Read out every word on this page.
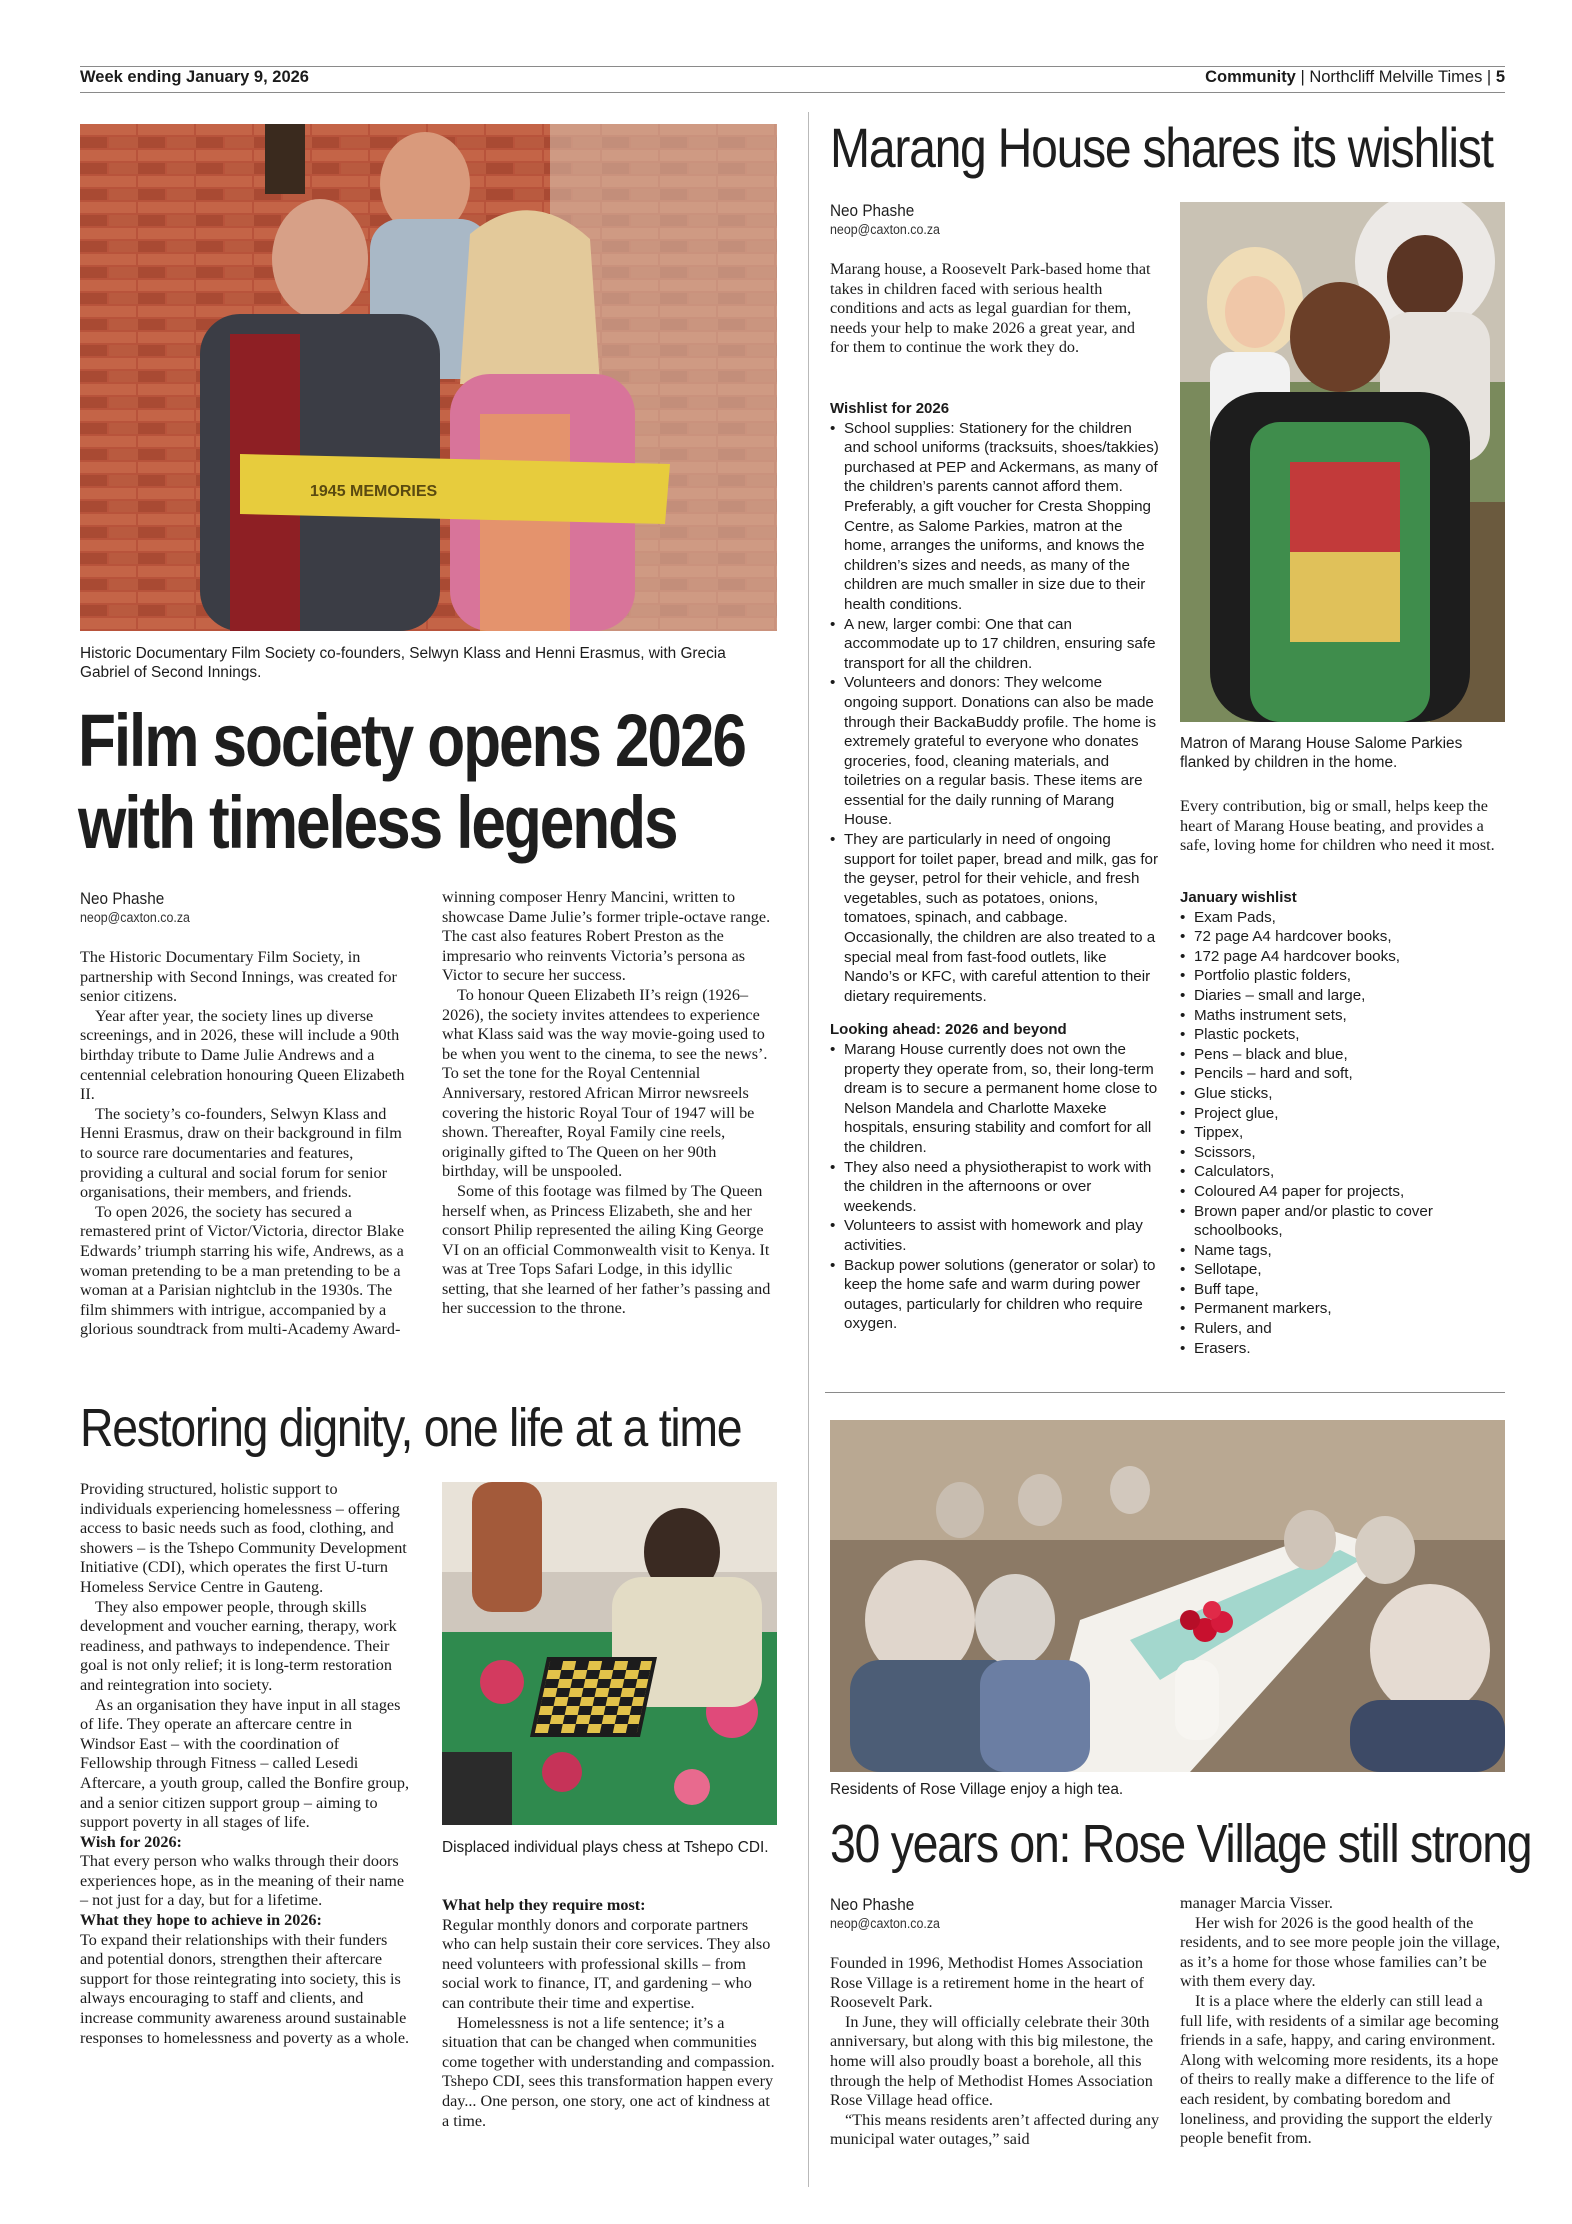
Week ending January 9, 2026	Community | Northcliff Melville Times | 5
1945 MEMORIES
Historic Documentary Film Society co-founders, Selwyn Klass and Henni Erasmus, with Grecia Gabriel of Second Innings.
Film society opens 2026
with timeless legends
Neo Phashe
neop@caxton.co.za

The Historic Documentary Film Society, in partnership with Second Innings, was created for senior citizens.

Year after year, the society lines up diverse screenings, and in 2026, these will include a 90th birthday tribute to Dame Julie Andrews and a centennial celebration honouring Queen Elizabeth II.

The society’s co-founders, Selwyn Klass and Henni Erasmus, draw on their background in film to source rare documentaries and features, providing a cultural and social forum for senior organisations, their members, and friends.

To open 2026, the society has secured a remastered print of Victor/Victoria, director Blake Edwards’ triumph starring his wife, Andrews, as a woman pretending to be a man pretending to be a woman at a Parisian nightclub in the 1930s. The film shimmers with intrigue, accompanied by a glorious soundtrack from multi-Academy Award-

winning composer Henry Mancini, written to showcase Dame Julie’s former triple-octave range. The cast also features Robert Preston as the impresario who reinvents Victoria’s persona as Victor to secure her success.

To honour Queen Elizabeth II’s reign (1926–2026), the society invites attendees to experience what Klass said was the way movie-going used to be when you went to the cinema, to see the news’. To set the tone for the Royal Centennial Anniversary, restored African Mirror newsreels covering the historic Royal Tour of 1947 will be shown. Thereafter, Royal Family cine reels, originally gifted to The Queen on her 90th birthday, will be unspooled.

Some of this footage was filmed by The Queen herself when, as Princess Elizabeth, she and her consort Philip represented the ailing King George VI on an official Commonwealth visit to Kenya. It was at Tree Tops Safari Lodge, in this idyllic setting, that she learned of her father’s passing and her succession to the throne.

Marang House shares its wishlist
Neo Phashe
neop@caxton.co.za
Marang house, a Roosevelt Park-based home that takes in children faced with serious health conditions and acts as legal guardian for them, needs your help to make 2026 a great year, and for them to continue the work they do.
Wishlist for 2026
• School supplies: Stationery for the children and school uniforms (tracksuits, shoes/takkies) purchased at PEP and Ackermans, as many of the children’s parents cannot afford them. Preferably, a gift voucher for Cresta Shopping Centre, as Salome Parkies, matron at the home, arranges the uniforms, and knows the children’s sizes and needs, as many of the children are much smaller in size due to their health conditions.
• A new, larger combi: One that can accommodate up to 17 children, ensuring safe transport for all the children.
• Volunteers and donors: They welcome ongoing support. Donations can also be made through their BackaBuddy profile. The home is extremely grateful to everyone who donates groceries, food, cleaning materials, and toiletries on a regular basis. These items are essential for the daily running of Marang House.
• They are particularly in need of ongoing support for toilet paper, bread and milk, gas for the geyser, petrol for their vehicle, and fresh vegetables, such as potatoes, onions, tomatoes, spinach, and cabbage. Occasionally, the children are also treated to a special meal from fast-food outlets, like Nando’s or KFC, with careful attention to their dietary requirements.
Looking ahead: 2026 and beyond
• Marang House currently does not own the property they operate from, so, their long-term dream is to secure a permanent home close to Nelson Mandela and Charlotte Maxeke hospitals, ensuring stability and comfort for all the children.
• They also need a physiotherapist to work with the children in the afternoons or over weekends.
• Volunteers to assist with homework and play activities.
• Backup power solutions (generator or solar) to keep the home safe and warm during power outages, particularly for children who require oxygen.
Matron of Marang House Salome Parkies flanked by children in the home.
Every contribution, big or small, helps keep the heart of Marang House beating, and provides a safe, loving home for children who need it most.
January wishlist
• Exam Pads,
• 72 page A4 hardcover books,
• 172 page A4 hardcover books,
• Portfolio plastic folders,
• Diaries – small and large,
• Maths instrument sets,
• Plastic pockets,
• Pens – black and blue,
• Pencils – hard and soft,
• Glue sticks,
• Project glue,
• Tippex,
• Scissors,
• Calculators,
• Coloured A4 paper for projects,
• Brown paper and/or plastic to cover schoolbooks,
• Name tags,
• Sellotape,
• Buff tape,
• Permanent markers,
• Rulers, and
• Erasers.
Restoring dignity, one life at a time

Providing structured, holistic support to individuals experiencing homelessness – offering access to basic needs such as food, clothing, and showers – is the Tshepo Community Development Initiative (CDI), which operates the first U-turn Homeless Service Centre in Gauteng.

They also empower people, through skills development and voucher earning, therapy, work readiness, and pathways to independence. Their goal is not only relief; it is long-term restoration and reintegration into society.

As an organisation they have input in all stages of life. They operate an aftercare centre in Windsor East – with the coordination of Fellowship through Fitness – called Lesedi Aftercare, a youth group, called the Bonfire group, and a senior citizen support group – aiming to support poverty in all stages of life.

Wish for 2026:

That every person who walks through their doors experiences hope, as in the meaning of their name – not just for a day, but for a lifetime.

What they hope to achieve in 2026:

To expand their relationships with their funders and potential donors, strengthen their aftercare support for those reintegrating into society, this is always encouraging to staff and clients, and increase community awareness around sustainable responses to homelessness and poverty as a whole.

Displaced individual plays chess at Tshepo CDI.

What help they require most:

Regular monthly donors and corporate partners who can help sustain their core services. They also need volunteers with professional skills – from social work to finance, IT, and gardening – who can contribute their time and expertise.

Homelessness is not a life sentence; it’s a situation that can be changed when communities come together with understanding and compassion. Tshepo CDI, sees this transformation happen every day... One person, one story, one act of kindness at a time.

Residents of Rose Village enjoy a high tea.
30 years on: Rose Village still strong
Neo Phashe
neop@caxton.co.za

Founded in 1996, Methodist Homes Association Rose Village is a retirement home in the heart of Roosevelt Park.

In June, they will officially celebrate their 30th anniversary, but along with this big milestone, the home will also proudly boast a borehole, all this through the help of Methodist Homes Association Rose Village head office.

“This means residents aren’t affected during any municipal water outages,” said

manager Marcia Visser.

Her wish for 2026 is the good health of the residents, and to see more people join the village, as it’s a home for those whose families can’t be with them every day.

It is a place where the elderly can still lead a full life, with residents of a similar age becoming friends in a safe, happy, and caring environment. Along with welcoming more residents, its a hope of theirs to really make a difference to the life of each resident, by combating boredom and loneliness, and providing the support the elderly people benefit from.
